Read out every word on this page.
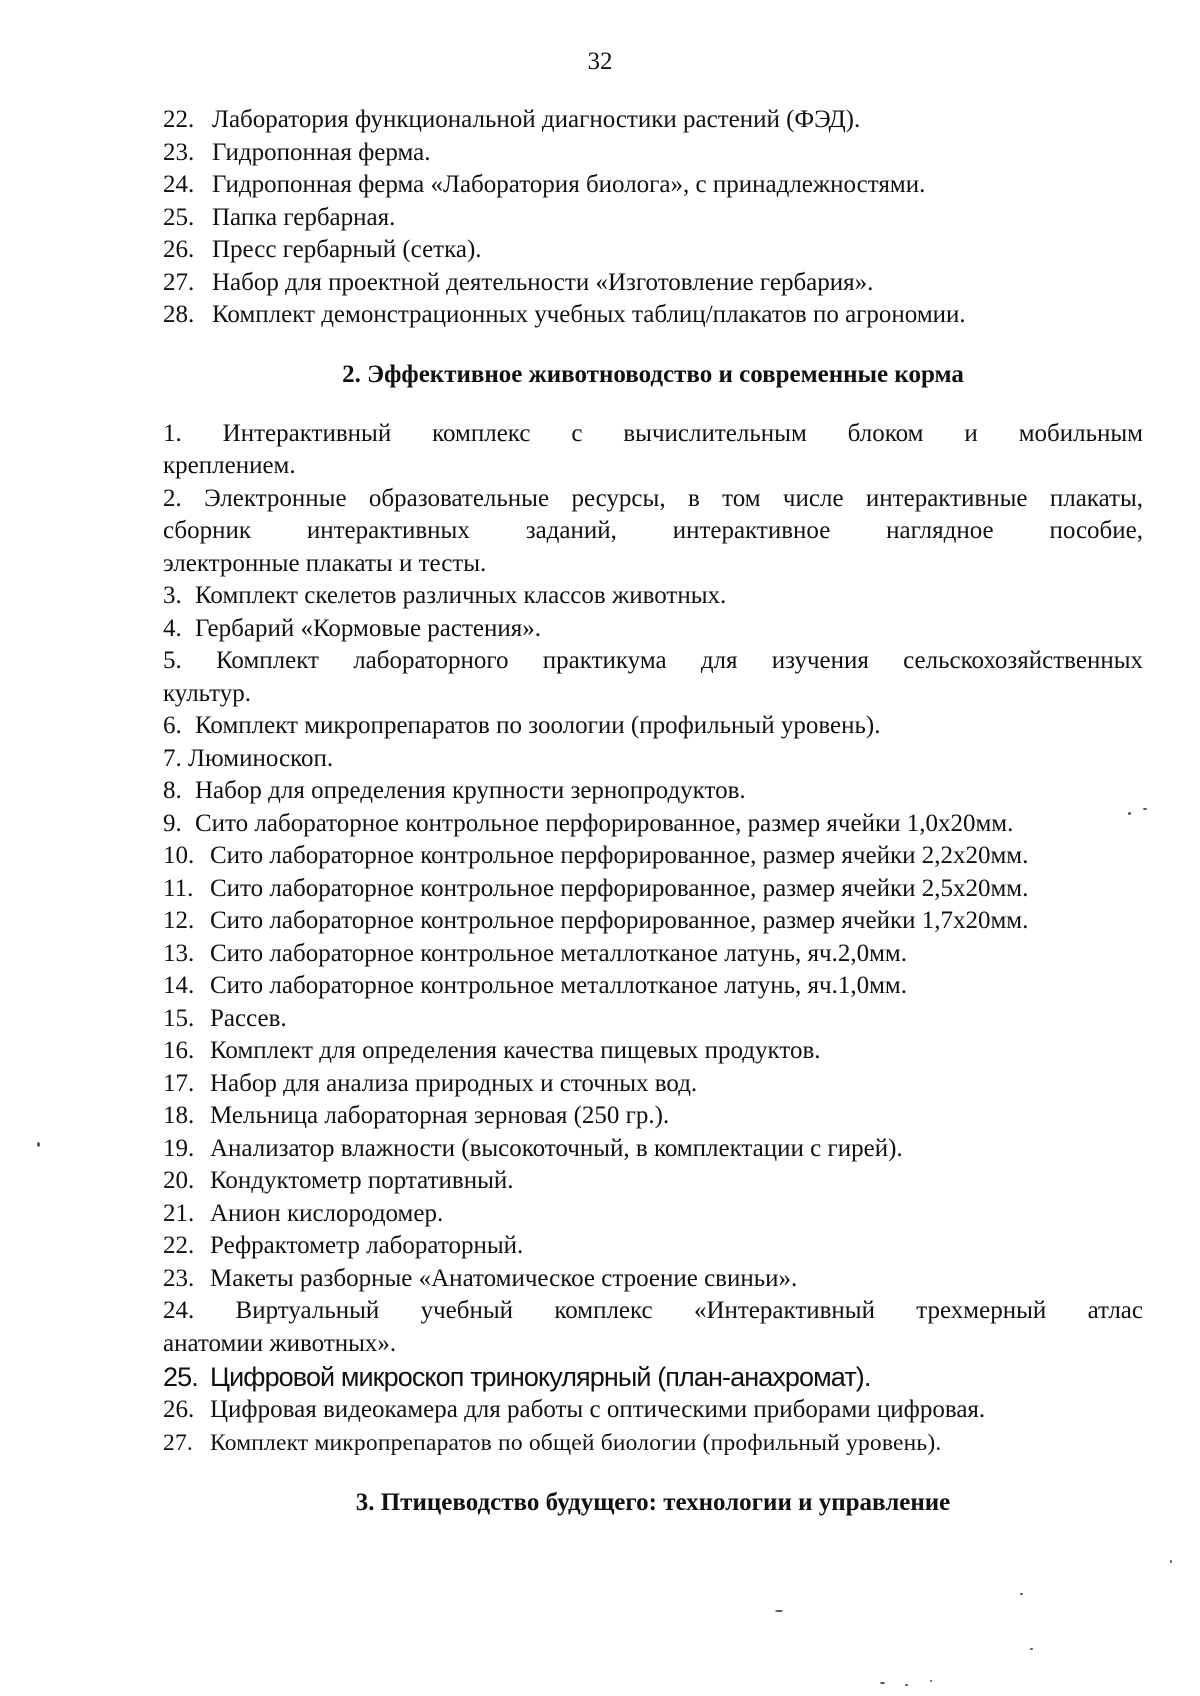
32
22. Лаборатория функциональной диагностики растений (ФЭД).
23. Гидропонная ферма.
24. Гидропонная ферма «Лаборатория биолога», с принадлежностями.
25. Папка гербарная.
26. Пресс гербарный (сетка).
27. Набор для проектной деятельности «Изготовление гербария».
28. Комплект демонстрационных учебных таблиц/плакатов по агрономии.
2. Эффективное животноводство и современные корма
1. Интерактивный комплекс с вычислительным блоком и мобильным
креплением.
2. Электронные образовательные ресурсы, в том числе интерактивные плакаты,
сборник интерактивных заданий, интерактивное наглядное пособие,
электронные плакаты и тесты.
3. Комплект скелетов различных классов животных.
4. Гербарий «Кормовые растения».
5. Комплект лабораторного практикума для изучения сельскохозяйственных
культур.
6. Комплект микропрепаратов по зоологии (профильный уровень).
7. Люминоскоп.
8. Набор для определения крупности зернопродуктов.
9. Сито лабораторное контрольное перфорированное, размер ячейки 1,0х20мм.
10. Сито лабораторное контрольное перфорированное, размер ячейки 2,2х20мм.
11. Сито лабораторное контрольное перфорированное, размер ячейки 2,5х20мм.
12. Сито лабораторное контрольное перфорированное, размер ячейки 1,7х20мм.
13. Сито лабораторное контрольное металлотканое латунь, яч.2,0мм.
14. Сито лабораторное контрольное металлотканое латунь, яч.1,0мм.
15. Рассев.
16. Комплект для определения качества пищевых продуктов.
17. Набор для анализа природных и сточных вод.
18. Мельница лабораторная зерновая (250 гр.).
19. Анализатор влажности (высокоточный, в комплектации с гирей).
20. Кондуктометр портативный.
21. Анион кислородомер.
22. Рефрактометр лабораторный.
23. Макеты разборные «Анатомическое строение свиньи».
24. Виртуальный учебный комплекс «Интерактивный трехмерный атлас
анатомии животных».
25. Цифровой микроскоп тринокулярный (план-анахромат).
26. Цифровая видеокамера для работы с оптическими приборами цифровая.
27. Комплект микропрепаратов по общей биологии (профильный уровень).
3. Птицеводство будущего: технологии и управление
